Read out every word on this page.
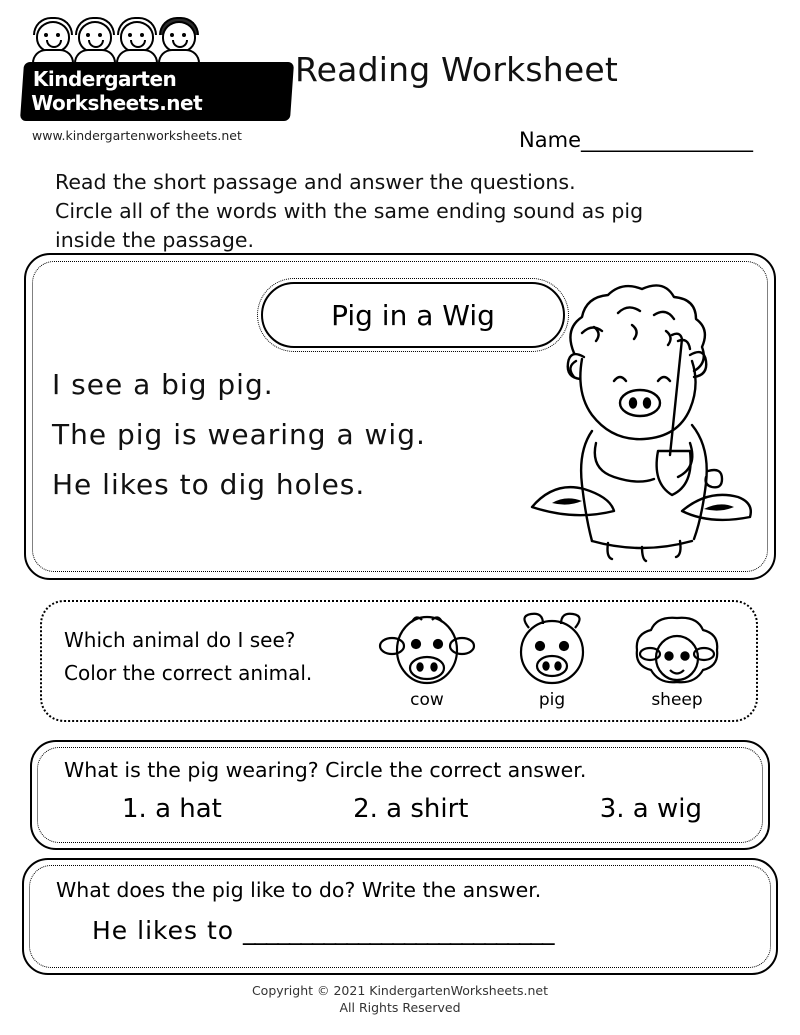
KindergartenWorksheets.net
www.kindergartenworksheets.net
Reading Worksheet
Name__________________
Read the short passage and answer the questions.
Circle all of the words with the same ending sound as pig
inside the passage.
Pig in a Wig
I see a big pig.
The pig is wearing a wig.
He likes to dig holes.
Which animal do I see?
Color the correct animal.
cow	pig	sheep
What is the pig wearing? Circle the correct answer.
1. a hat	2. a shirt	3. a wig
What does the pig like to do? Write the answer.
He likes to ___________________________
Copyright © 2021 KindergartenWorksheets.net
All Rights Reserved
